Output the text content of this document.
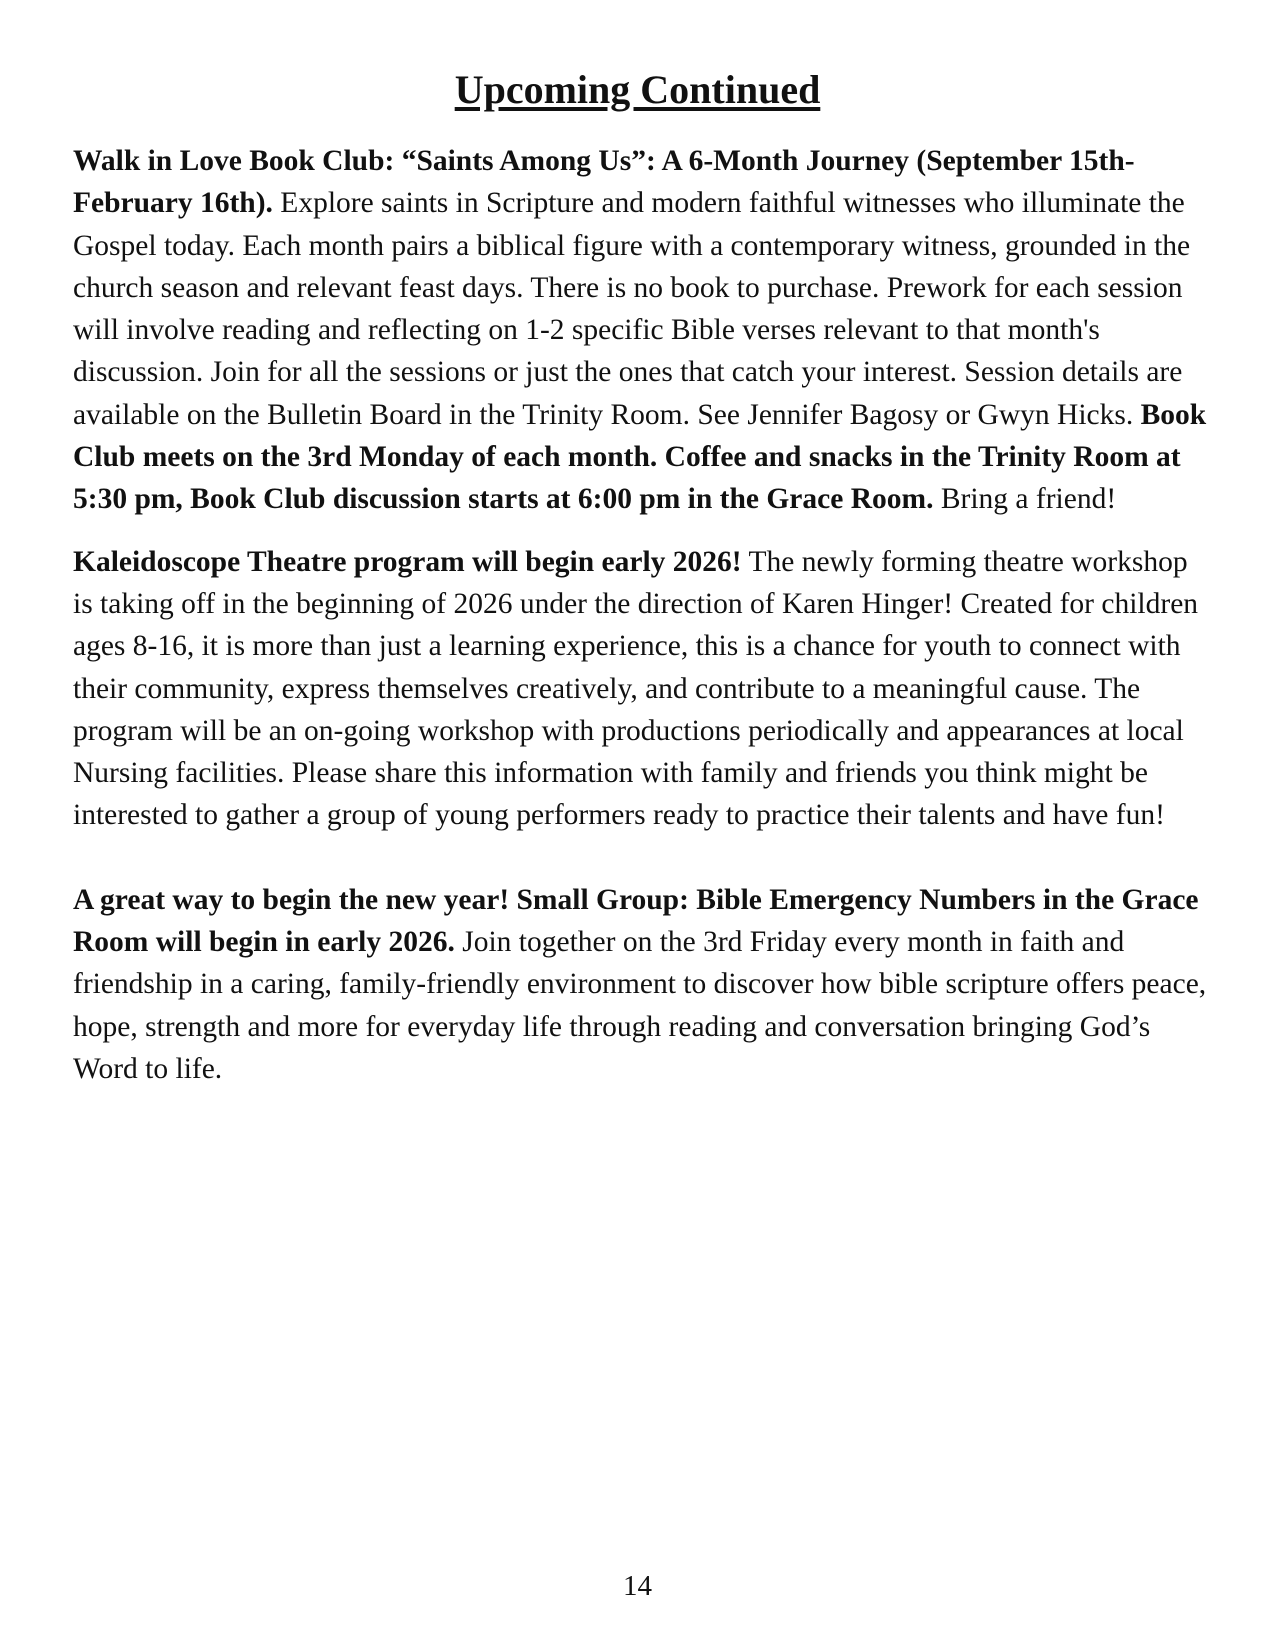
Upcoming Continued

Walk in Love Book Club: “Saints Among Us”: A 6-Month Journey (September 15th-February 16th). Explore saints in Scripture and modern faithful witnesses who illuminate the Gospel today. Each month pairs a biblical figure with a contemporary witness, grounded in the church season and relevant feast days. There is no book to purchase. Prework for each session will involve reading and reflecting on 1-2 specific Bible verses relevant to that month's discussion. Join for all the sessions or just the ones that catch your interest. Session details are available on the Bulletin Board in the Trinity Room. See Jennifer Bagosy or Gwyn Hicks. Book Club meets on the 3rd Monday of each month. Coffee and snacks in the Trinity Room at 5:30 pm, Book Club discussion starts at 6:00 pm in the Grace Room. Bring a friend!

Kaleidoscope Theatre program will begin early 2026! The newly forming theatre workshop is taking off in the beginning of 2026 under the direction of Karen Hinger! Created for children ages 8-16, it is more than just a learning experience, this is a chance for youth to connect with their community, express themselves creatively, and contribute to a meaningful cause. The program will be an on-going workshop with productions periodically and appearances at local Nursing facilities. Please share this information with family and friends you think might be interested to gather a group of young performers ready to practice their talents and have fun!

A great way to begin the new year! Small Group: Bible Emergency Numbers in the Grace Room will begin in early 2026. Join together on the 3rd Friday every month in faith and friendship in a caring, family-friendly environment to discover how bible scripture offers peace, hope, strength and more for everyday life through reading and conversation bringing God’s Word to life.

14
